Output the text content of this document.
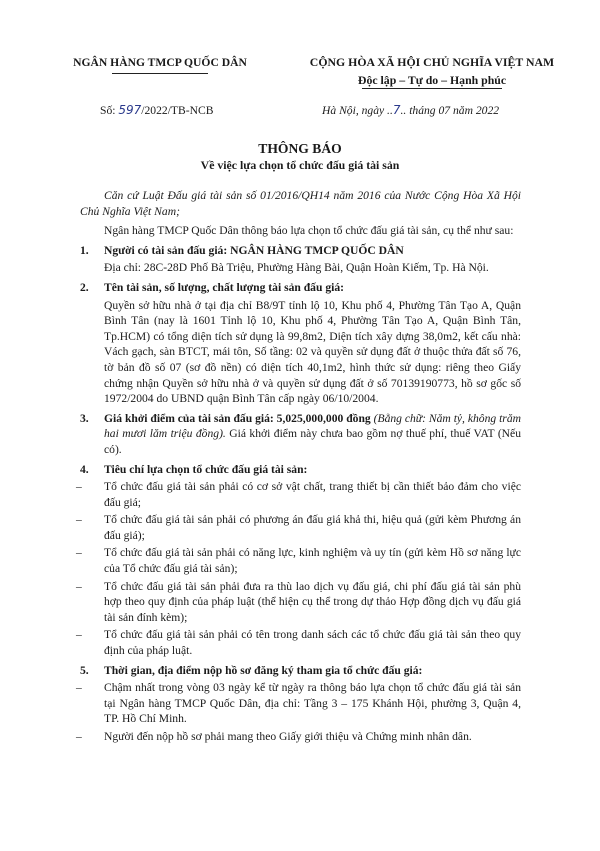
NGÂN HÀNG TMCP QUỐC DÂN	CỘNG HÒA XÃ HỘI CHỦ NGHĨA VIỆT NAM
Độc lập – Tự do – Hạnh phúc
Số: 597/2022/TB-NCB	Hà Nội, ngày ..7.. tháng 07 năm 2022
THÔNG BÁO
Về việc lựa chọn tổ chức đấu giá tài sản

Căn cứ Luật Đấu giá tài sản số 01/2016/QH14 năm 2016 của Nước Cộng Hòa Xã Hội Chủ Nghĩa Việt Nam;

Ngân hàng TMCP Quốc Dân thông báo lựa chọn tổ chức đấu giá tài sản, cụ thể như sau:

1. Người có tài sản đấu giá: NGÂN HÀNG TMCP QUỐC DÂN

Địa chỉ: 28C-28D Phố Bà Triệu, Phường Hàng Bài, Quận Hoàn Kiếm, Tp. Hà Nội.

2. Tên tài sản, số lượng, chất lượng tài sản đấu giá:

Quyền sở hữu nhà ở tại địa chỉ B8/9T tỉnh lộ 10, Khu phố 4, Phường Tân Tạo A, Quận Bình Tân (nay là 1601 Tỉnh lộ 10, Khu phố 4, Phường Tân Tạo A, Quận Bình Tân, Tp.HCM) có tổng diện tích sử dụng là 99,8m2, Diện tích xây dựng 38,0m2, kết cấu nhà: Vách gạch, sàn BTCT, mái tôn, Số tầng: 02 và quyền sử dụng đất ở thuộc thửa đất số 76, tờ bản đồ số 07 (sơ đồ nền) có diện tích 40,1m2, hình thức sử dụng: riêng theo Giấy chứng nhận Quyền sở hữu nhà ở và quyền sử dụng đất ở số 70139190773, hồ sơ gốc số 1972/2004 do UBND quận Bình Tân cấp ngày 06/10/2004.

3. Giá khởi điểm của tài sản đấu giá: 5,025,000,000 đồng (Bằng chữ: Năm tỷ, không trăm hai mươi lăm triệu đồng). Giá khởi điểm này chưa bao gồm nợ thuế phí, thuế VAT (Nếu có).

4. Tiêu chí lựa chọn tổ chức đấu giá tài sản:

– Tổ chức đấu giá tài sản phải có cơ sở vật chất, trang thiết bị cần thiết bảo đảm cho việc đấu giá;
– Tổ chức đấu giá tài sản phải có phương án đấu giá khả thi, hiệu quả (gửi kèm Phương án đấu giá);
– Tổ chức đấu giá tài sản phải có năng lực, kinh nghiệm và uy tín (gửi kèm Hồ sơ năng lực của Tổ chức đấu giá tài sản);
– Tổ chức đấu giá tài sản phải đưa ra thù lao dịch vụ đấu giá, chi phí đấu giá tài sản phù hợp theo quy định của pháp luật (thể hiện cụ thể trong dự thảo Hợp đồng dịch vụ đấu giá tài sản đính kèm);
– Tổ chức đấu giá tài sản phải có tên trong danh sách các tổ chức đấu giá tài sản theo quy định của pháp luật.
5. Thời gian, địa điểm nộp hồ sơ đăng ký tham gia tổ chức đấu giá:

– Chậm nhất trong vòng 03 ngày kể từ ngày ra thông báo lựa chọn tổ chức đấu giá tài sản tại Ngân hàng TMCP Quốc Dân, địa chỉ: Tầng 3 – 175 Khánh Hội, phường 3, Quận 4, TP. Hồ Chí Minh.
– Người đến nộp hồ sơ phải mang theo Giấy giới thiệu và Chứng minh nhân dân.
